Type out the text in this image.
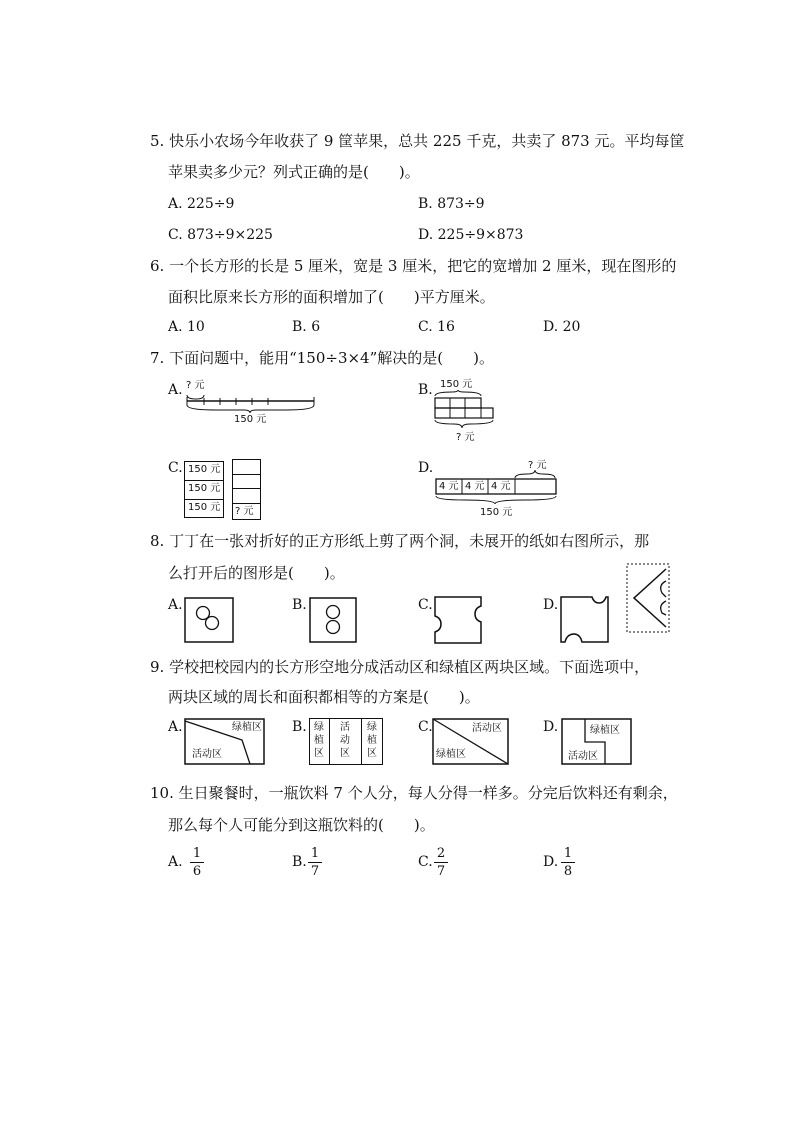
5. 快乐小农场今年收获了 9 筐苹果，总共 225 千克，共卖了 873 元。平均每筐
苹果卖多少元？列式正确的是(　　)。
A. 225÷9	B. 873÷9
C. 873÷9×225	D. 225÷9×873
6. 一个长方形的长是 5 厘米，宽是 3 厘米，把它的宽增加 2 厘米，现在图形的
面积比原来长方形的面积增加了(　　)平方厘米。
A. 10	B. 6	C. 16	D. 20
7. 下面问题中，能用“150÷3×4”解决的是(　　)。
A. ? 元
150 元
B. 150 元
? 元
C. 150 元
150 元
150 元 ? 元
D.	? 元
4 元 4 元 4 元
150 元
8. 丁丁在一张对折好的正方形纸上剪了两个洞，未展开的纸如右图所示，那
么打开后的图形是(　　)。
A.	B.	C.	D.
9. 学校把校园内的长方形空地分成活动区和绿植区两块区域。下面选项中，
两块区域的周长和面积都相等的方案是(　　)。
A.	绿植区
活动区
B. 绿
植
区
活
动
区
绿
植
区
C.	活动区
绿植区
D.	绿植区
活动区
10. 生日聚餐时，一瓶饮料 7 个人分，每人分得一样多。分完后饮料还有剩余，
那么每个人可能分到这瓶饮料的(　　)。
A.
1
6
B.
1
7
C.
2
7
D.
1
8
